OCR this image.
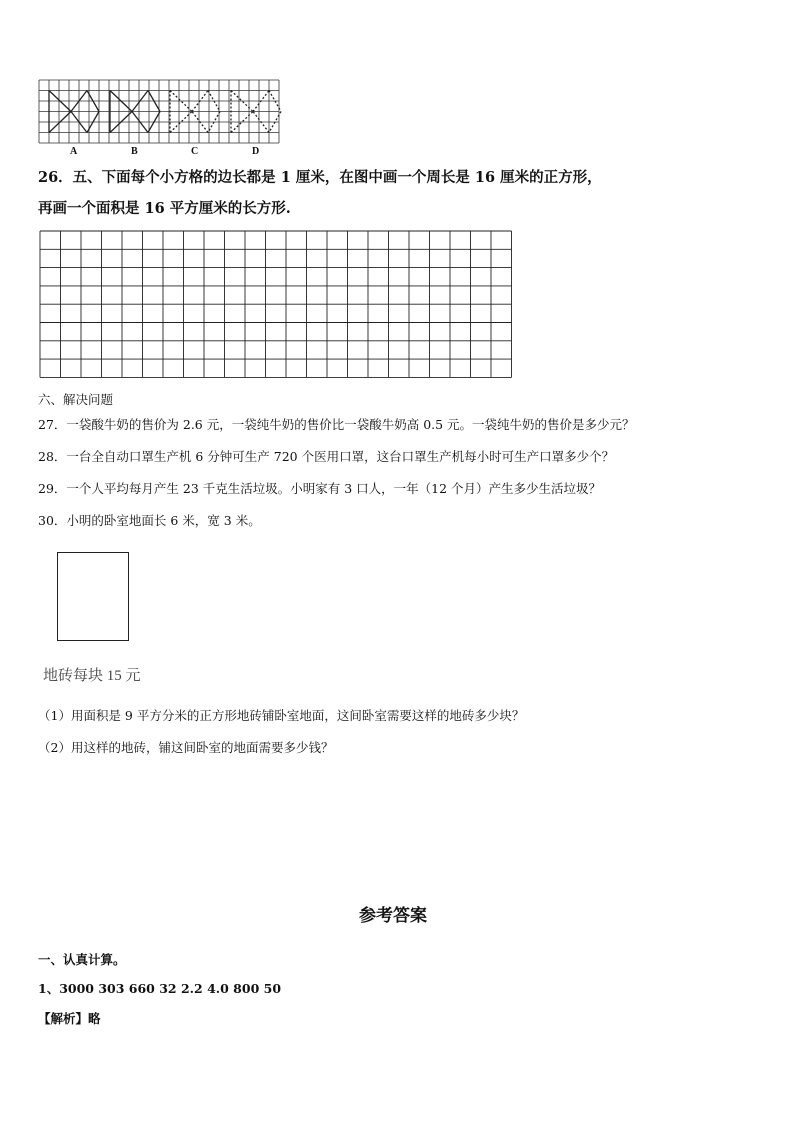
A	B	C	D
26．五、下面每个小方格的边长都是 1 厘米，在图中画一个周长是 16 厘米的正方形，
再画一个面积是 16 平方厘米的长方形.
六、解决问题
27．一袋酸牛奶的售价为 2.6 元，一袋纯牛奶的售价比一袋酸牛奶高 0.5 元。一袋纯牛奶的售价是多少元？
28．一台全自动口罩生产机 6 分钟可生产 720 个医用口罩，这台口罩生产机每小时可生产口罩多少个？
29．一个人平均每月产生 23 千克生活垃圾。小明家有 3 口人，一年（12 个月）产生多少生活垃圾？
30．小明的卧室地面长 6 米，宽 3 米。
地砖每块 15 元
（1）用面积是 9 平方分米的正方形地砖铺卧室地面，这间卧室需要这样的地砖多少块？
（2）用这样的地砖，铺这间卧室的地面需要多少钱？
参考答案
一、认真计算。
1、3000 303 660 32 2.2 4.0 800 50
【解析】略
